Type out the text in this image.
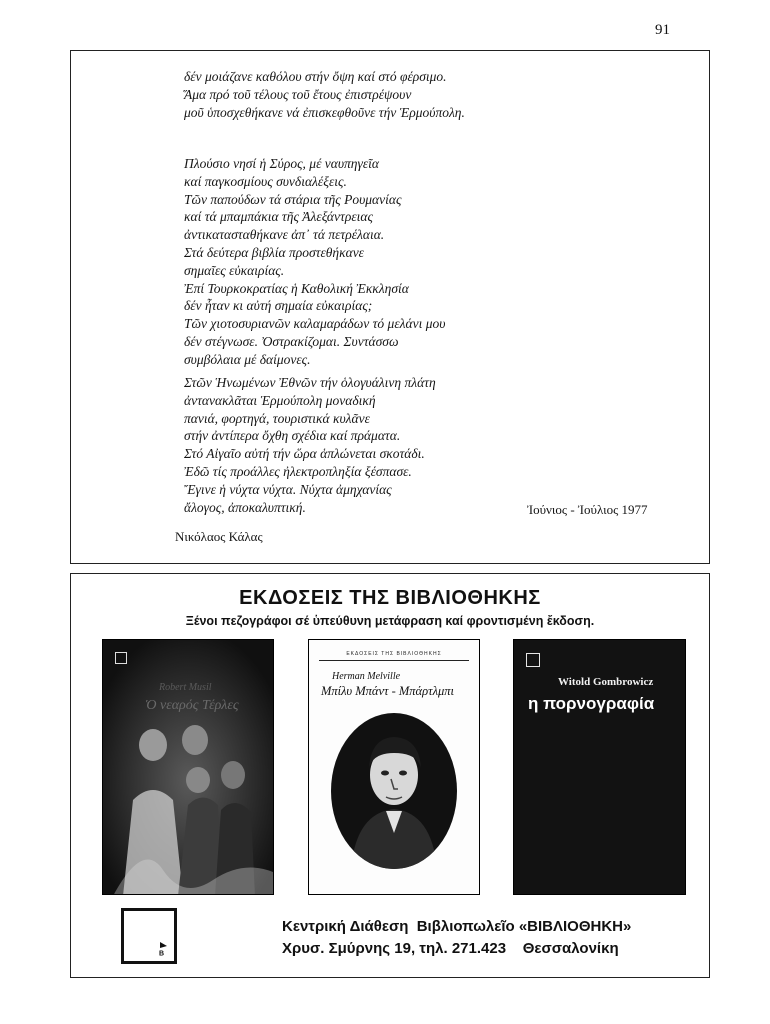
91
δέν μοιάζανε καθόλου στήν ὄψη καί στό φέρσιμο.
Ἅμα πρό τοῦ τέλους τοῦ ἔτους ἐπιστρέψουν
μοῦ ὑποσχεθήκανε νά ἐπισκεφθοῦνε τήν Ἑρμούπολη.
Πλούσιο νησί ἡ Σύρος, μέ ναυπηγεῖα
καί παγκοσμίους συνδιαλέξεις.
Τῶν παπούδων τά στάρια τῆς Ρουμανίας
καί τά μπαμπάκια τῆς Ἀλεξάντρειας
ἀντικατασταθήκανε ἀπ᾿ τά πετρέλαια.
Στά δεύτερα βιβλία προστεθήκανε
σημαῖες εὐκαιρίας.
Ἐπί Τουρκοκρατίας ἡ Καθολική Ἐκκλησία
δέν ἦταν κι αὐτή σημαία εὐκαιρίας;
Τῶν χιοτοσυριανῶν καλαμαράδων τό μελάνι μου
δέν στέγνωσε. Ὀστρακίζομαι. Συντάσσω
συμβόλαια μέ δαίμονες.
Στῶν Ἡνωμένων Ἐθνῶν τήν ὁλογυάλινη πλάτη
ἀντανακλᾶται Ἑρμούπολη μοναδική
πανιά, φορτηγά, τουριστικά κυλᾶνε
στήν ἀντίπερα ὄχθη σχέδια καί πράματα.
Στό Αἰγαῖο αὐτή τήν ὥρα ἁπλώνεται σκοτάδι.
Ἐδῶ τίς προάλλες ἠλεκτροπληξία ξέσπασε.
Ἔγινε ἡ νύχτα νύχτα. Νύχτα ἀμηχανίας
ἄλογος, ἀποκαλυπτική.	Ἰούνιος - Ἰούλιος 1977
Νικόλαος Κάλας
ΕΚΔΟΣΕΙΣ ΤΗΣ ΒΙΒΛΙΟΘΗΚΗΣ
Ξένοι πεζογράφοι σέ ὑπεύθυνη μετάφραση καί φροντισμένη ἔκδοση.
Robert Musil
Ὁ νεαρός Τέρλες
ΕΚΔΟΣΕΙΣ ΤΗΣ ΒΙΒΛΙΟΘΗΚΗΣ
Herman Melville
Μπίλυ Μπάντ - Μπάρτλμπι
Witold Gombrowicz
η πορνογραφία
Β
Κεντρική Διάθεση  Βιβλιοπωλεῖο «ΒΙΒΛΙΟΘΗΚΗ»
Χρυσ. Σμύρνης 19, τηλ. 271.423    Θεσσαλονίκη
